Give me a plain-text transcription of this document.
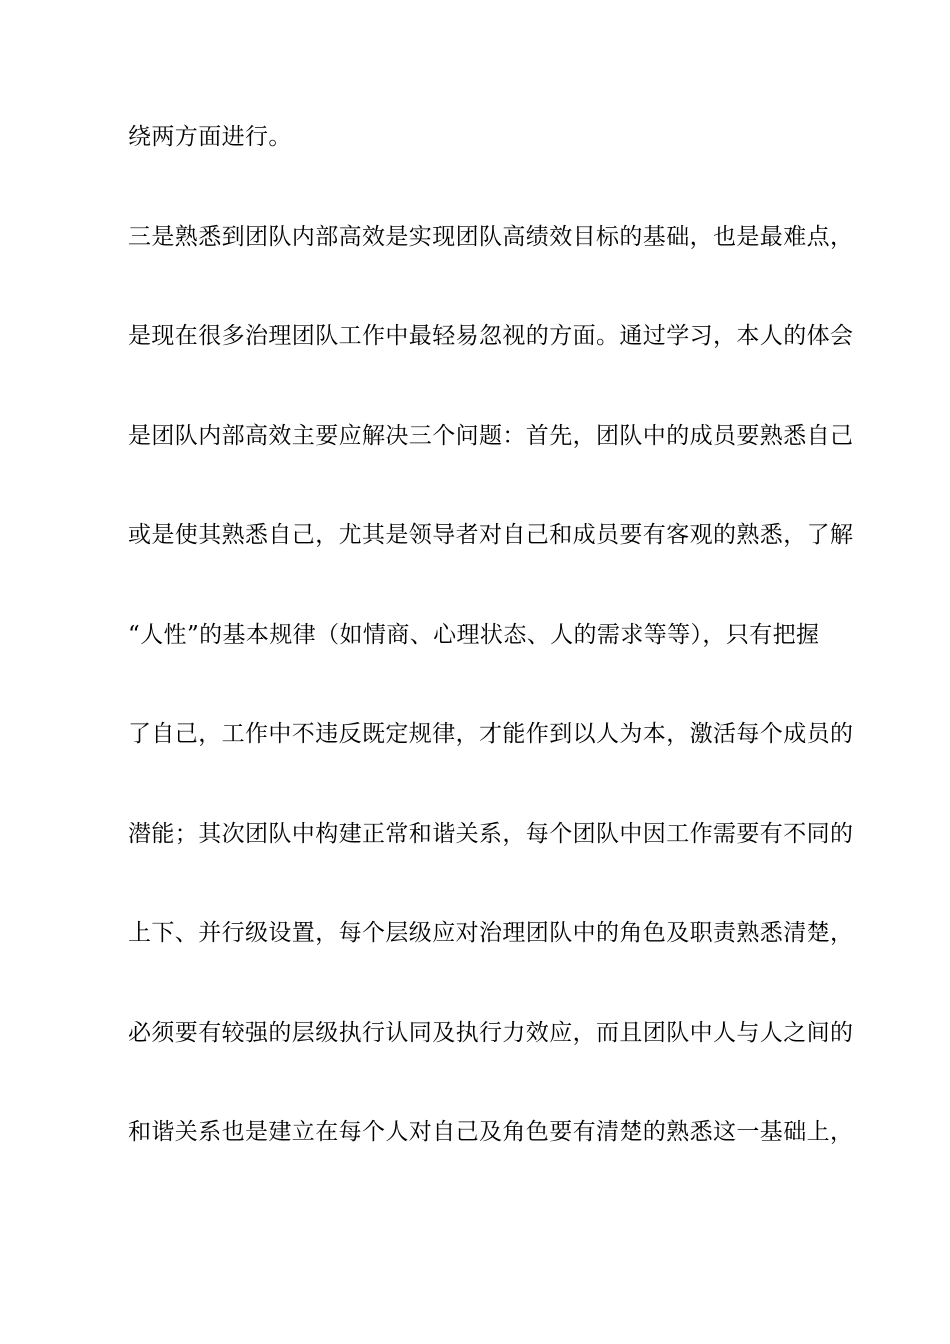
绕两方面进行。
三是熟悉到团队内部高效是实现团队高绩效目标的基础，也是最难点，
是现在很多治理团队工作中最轻易忽视的方面。通过学习，本人的体会
是团队内部高效主要应解决三个问题：首先，团队中的成员要熟悉自己
或是使其熟悉自己，尤其是领导者对自己和成员要有客观的熟悉，了解
“人性”的基本规律（如情商、心理状态、人的需求等等），只有把握
了自己，工作中不违反既定规律，才能作到以人为本，激活每个成员的
潜能；其次团队中构建正常和谐关系，每个团队中因工作需要有不同的
上下、并行级设置，每个层级应对治理团队中的角色及职责熟悉清楚，
必须要有较强的层级执行认同及执行力效应，而且团队中人与人之间的
和谐关系也是建立在每个人对自己及角色要有清楚的熟悉这一基础上，
